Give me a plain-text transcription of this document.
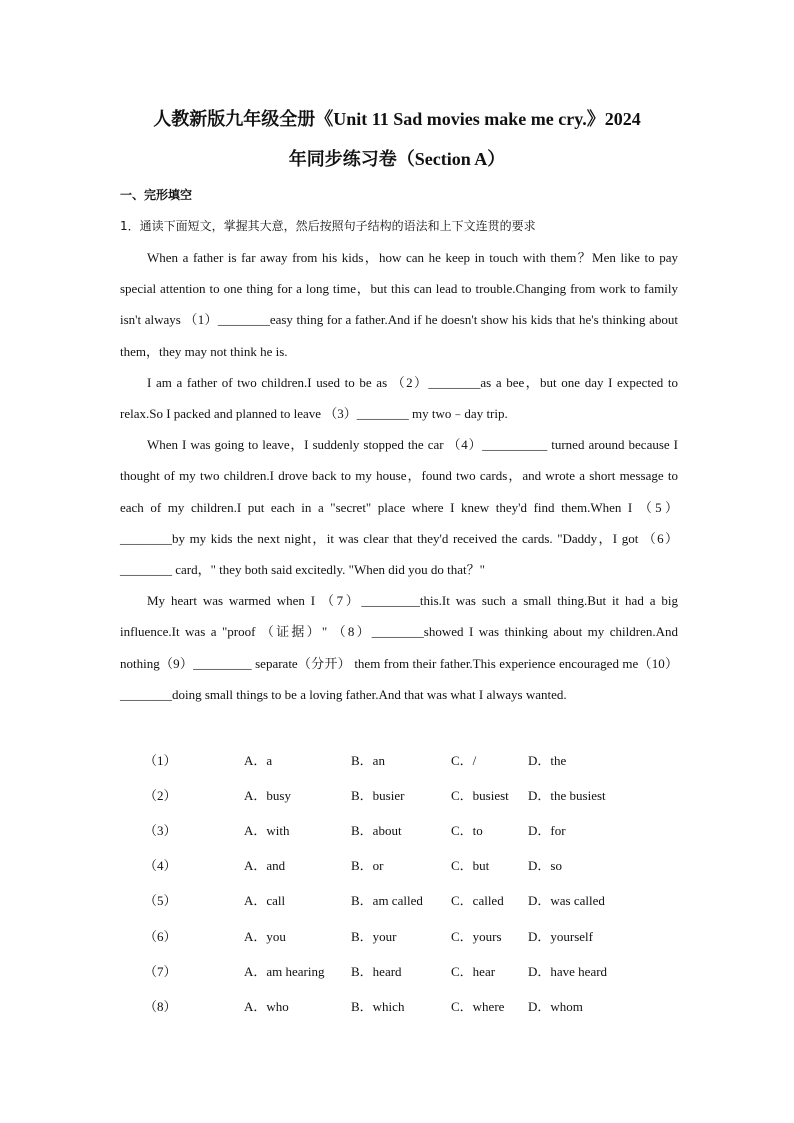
人教新版九年级全册《Unit 11 Sad movies make me cry.》2024
年同步练习卷（Section A）
一、完形填空
1．通读下面短文，掌握其大意，然后按照句子结构的语法和上下文连贯的要求

When a father is far away from his kids，how can he keep in touch with them？Men like to pay special attention to one thing for a long time，but this can lead to trouble.Changing from work to family isn't always （1）________easy thing for a father.And if he doesn't show his kids that he's thinking about them，they may not think he is.

I am a father of two children.I used to be as （2）________as a bee，but one day I expected to relax.So I packed and planned to leave （3）________ my two﹣day trip.

When I was going to leave，I suddenly stopped the car （4）__________ turned around because I thought of my two children.I drove back to my house，found two cards，and wrote a short message to each of my children.I put each in a "secret" place where I knew they'd find them.When I （5）________by my kids the next night，it was clear that they'd received the cards. "Daddy，I got （6）________ card，" they both said excitedly. "When did you do that？"

My heart was warmed when I （7）_________this.It was such a small thing.But it had a big influence.It was a "proof （证据）" （8）________showed I was thinking about my children.And nothing（9）_________ separate（分开） them from their father.This experience encouraged me（10）________doing small things to be a loving father.And that was what I always wanted.

（1）	A．a	B．an	C．/	D．the
（2）	A．busy	B．busier	C．busiest D．the busiest
（3）	A．with	B．about	C．to	D．for
（4）	A．and	B．or	C．but	D．so
（5）	A．call	B．am called C．called D．was called
（6）	A．you	B．your	C．yours D．yourself
（7）	A．am hearing B．heard	C．hear	D．have heard
（8）	A．who	B．which	C．where D．whom
